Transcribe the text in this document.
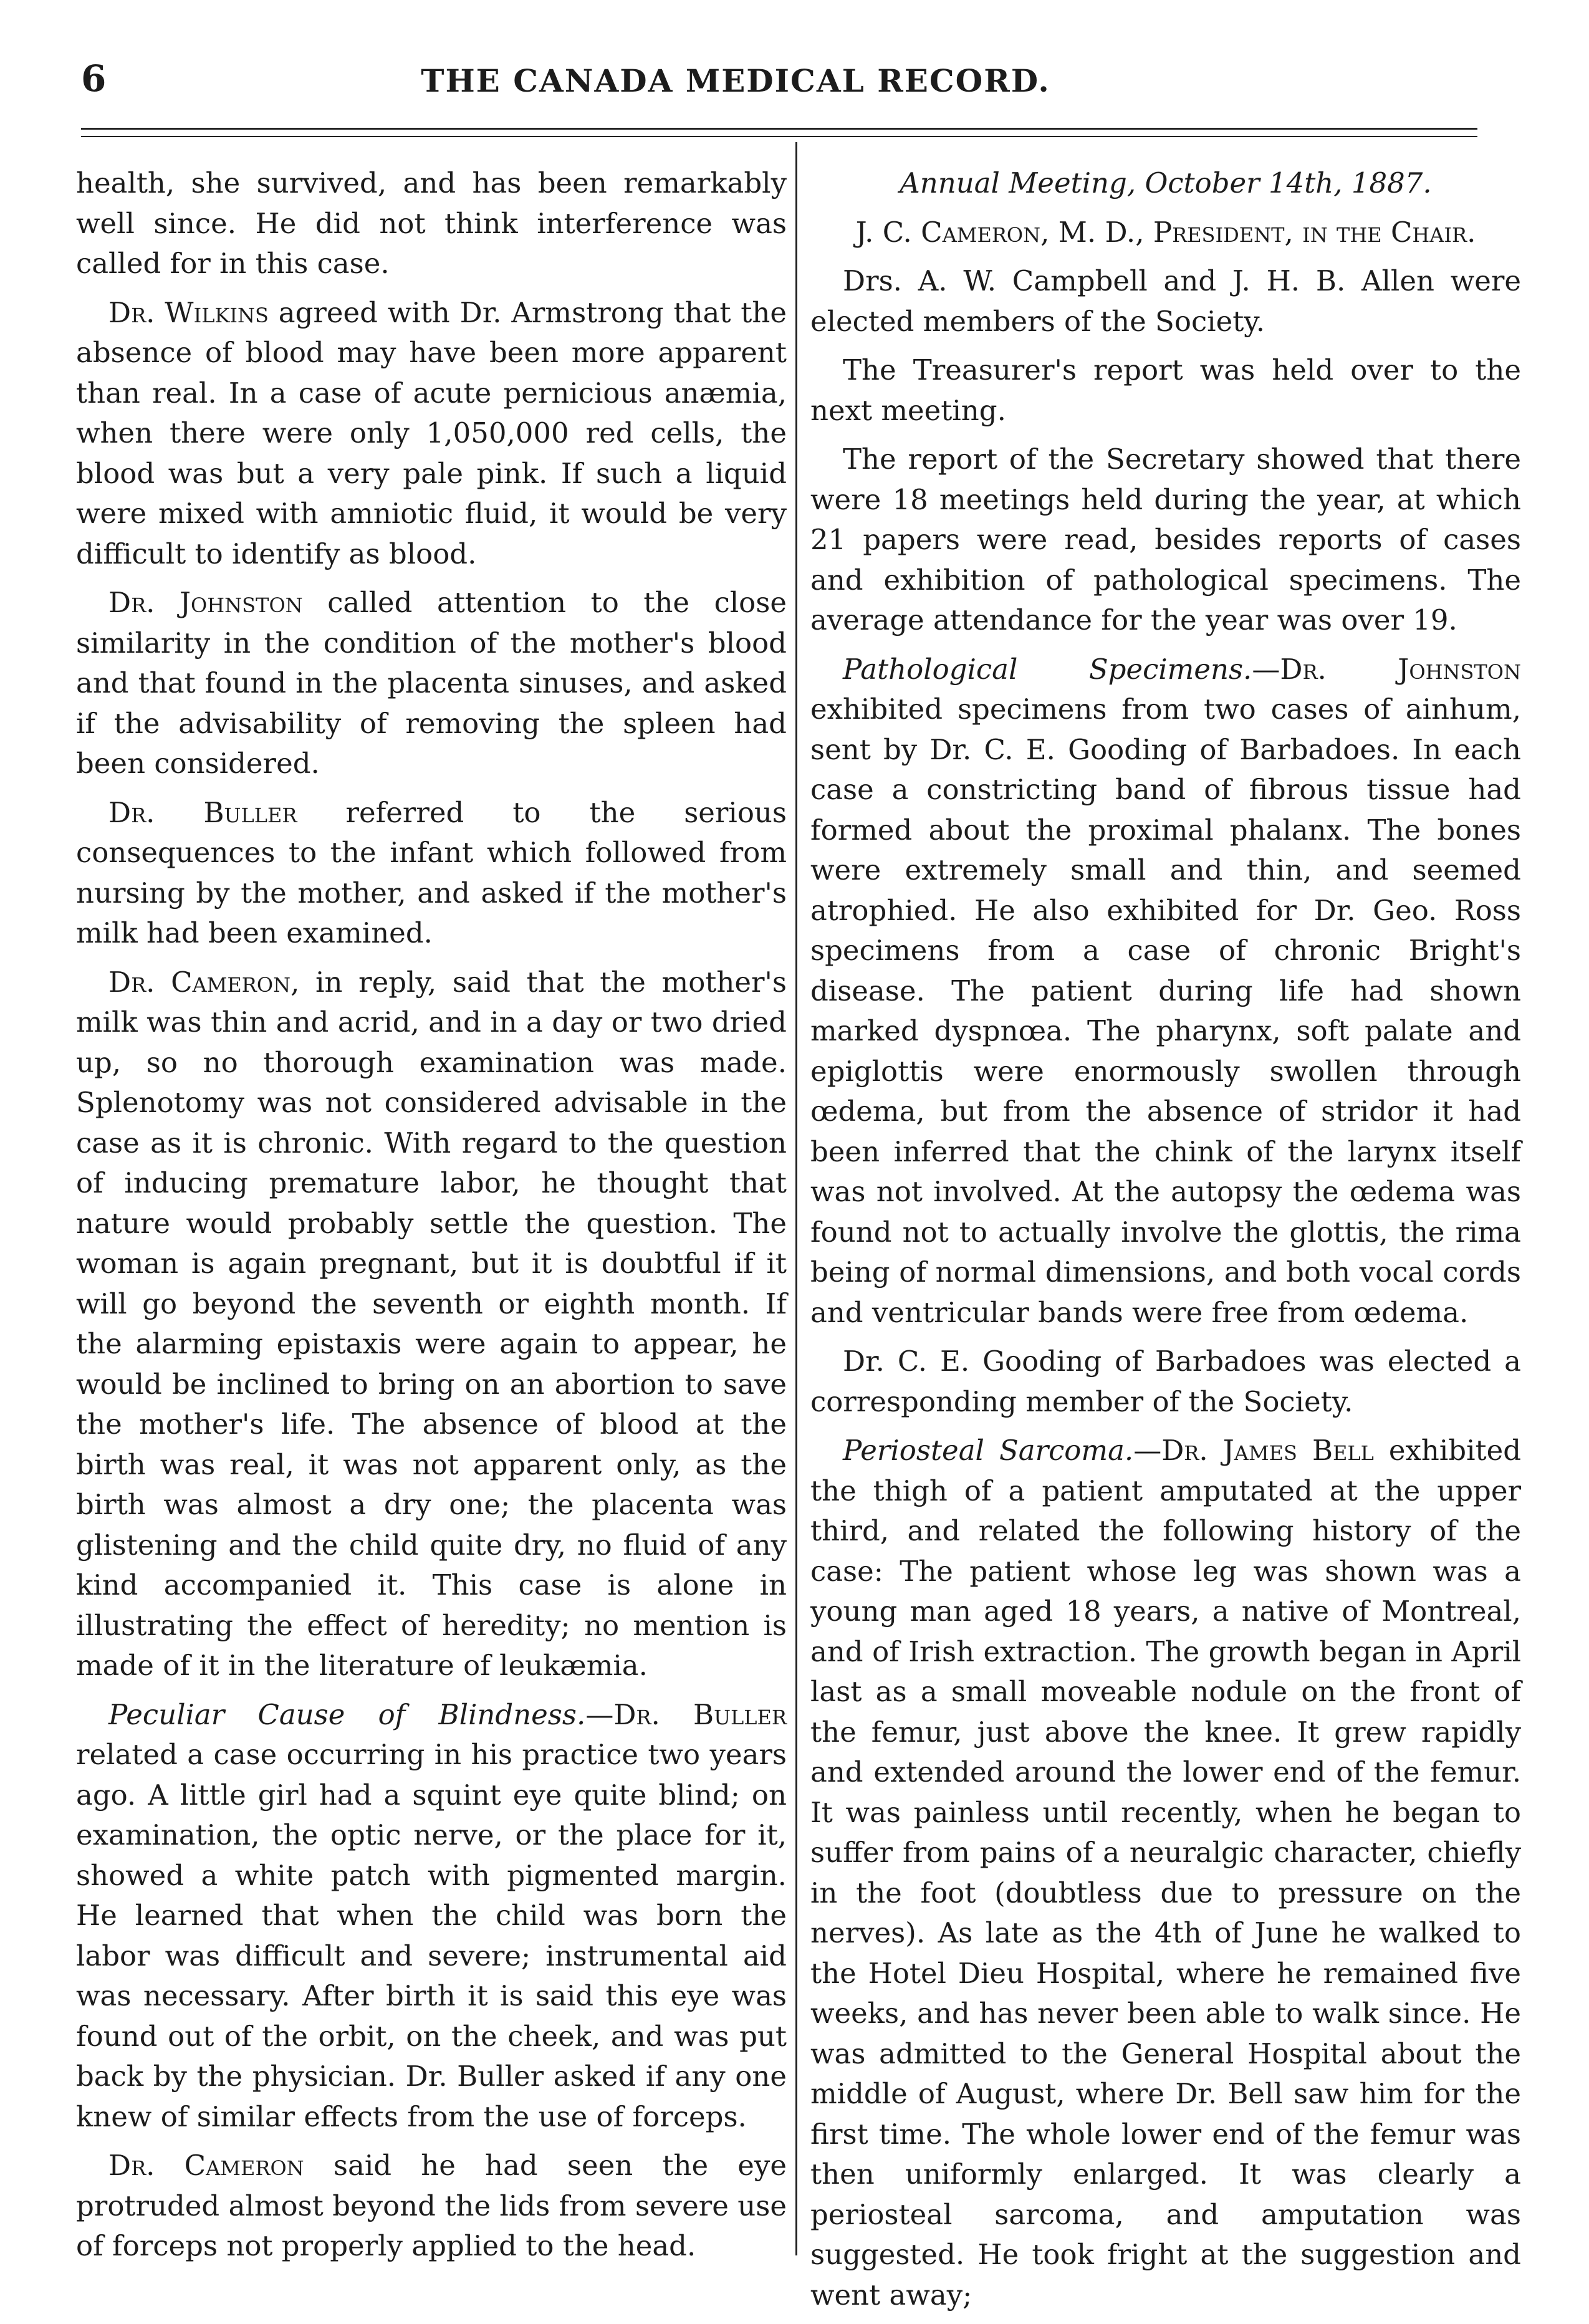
6	THE CANADA MEDICAL RECORD.

health, she survived, and has been remarkably well since. He did not think interference was called for in this case.

Dr. Wilkins agreed with Dr. Armstrong that the absence of blood may have been more apparent than real. In a case of acute pernicious anæmia, when there were only 1,050,000 red cells, the blood was but a very pale pink. If such a liquid were mixed with amniotic fluid, it would be very difficult to identify as blood.

Dr. Johnston called attention to the close similarity in the condition of the mother's blood and that found in the placenta sinuses, and asked if the advisability of removing the spleen had been considered.

Dr. Buller referred to the serious consequences to the infant which followed from nursing by the mother, and asked if the mother's milk had been examined.

Dr. Cameron, in reply, said that the mother's milk was thin and acrid, and in a day or two dried up, so no thorough examination was made. Splenotomy was not considered advisable in the case as it is chronic. With regard to the question of inducing premature labor, he thought that nature would probably settle the question. The woman is again pregnant, but it is doubtful if it will go beyond the seventh or eighth month. If the alarming epistaxis were again to appear, he would be inclined to bring on an abortion to save the mother's life. The absence of blood at the birth was real, it was not apparent only, as the birth was almost a dry one; the placenta was glistening and the child quite dry, no fluid of any kind accompanied it. This case is alone in illustrating the effect of heredity; no mention is made of it in the literature of leukæmia.

Peculiar Cause of Blindness.—Dr. Buller related a case occurring in his practice two years ago. A little girl had a squint eye quite blind; on examination, the optic nerve, or the place for it, showed a white patch with pigmented margin. He learned that when the child was born the labor was difficult and severe; instrumental aid was necessary. After birth it is said this eye was found out of the orbit, on the cheek, and was put back by the physician. Dr. Buller asked if any one knew of similar effects from the use of forceps.

Dr. Cameron said he had seen the eye protruded almost beyond the lids from severe use of forceps not properly applied to the head.

Annual Meeting, October 14th, 1887.

J. C. Cameron, M. D., President, in the Chair.

Drs. A. W. Campbell and J. H. B. Allen were elected members of the Society.

The Treasurer's report was held over to the next meeting.

The report of the Secretary showed that there were 18 meetings held during the year, at which 21 papers were read, besides reports of cases and exhibition of pathological specimens. The average attendance for the year was over 19.

Pathological Specimens.—Dr. Johnston exhibited specimens from two cases of ainhum, sent by Dr. C. E. Gooding of Barbadoes. In each case a constricting band of fibrous tissue had formed about the proximal phalanx. The bones were extremely small and thin, and seemed atrophied. He also exhibited for Dr. Geo. Ross specimens from a case of chronic Bright's disease. The patient during life had shown marked dyspnœa. The pharynx, soft palate and epiglottis were enormously swollen through œdema, but from the absence of stridor it had been inferred that the chink of the larynx itself was not involved. At the autopsy the œdema was found not to actually involve the glottis, the rima being of normal dimensions, and both vocal cords and ventricular bands were free from œdema.

Dr. C. E. Gooding of Barbadoes was elected a corresponding member of the Society.

Periosteal Sarcoma.—Dr. James Bell exhibited the thigh of a patient amputated at the upper third, and related the following history of the case: The patient whose leg was shown was a young man aged 18 years, a native of Montreal, and of Irish extraction. The growth began in April last as a small moveable nodule on the front of the femur, just above the knee. It grew rapidly and extended around the lower end of the femur. It was painless until recently, when he began to suffer from pains of a neuralgic character, chiefly in the foot (doubtless due to pressure on the nerves). As late as the 4th of June he walked to the Hotel Dieu Hospital, where he remained five weeks, and has never been able to walk since. He was admitted to the General Hospital about the middle of August, where Dr. Bell saw him for the first time. The whole lower end of the femur was then uniformly enlarged. It was clearly a periosteal sarcoma, and amputation was suggested. He took fright at the suggestion and went away;
